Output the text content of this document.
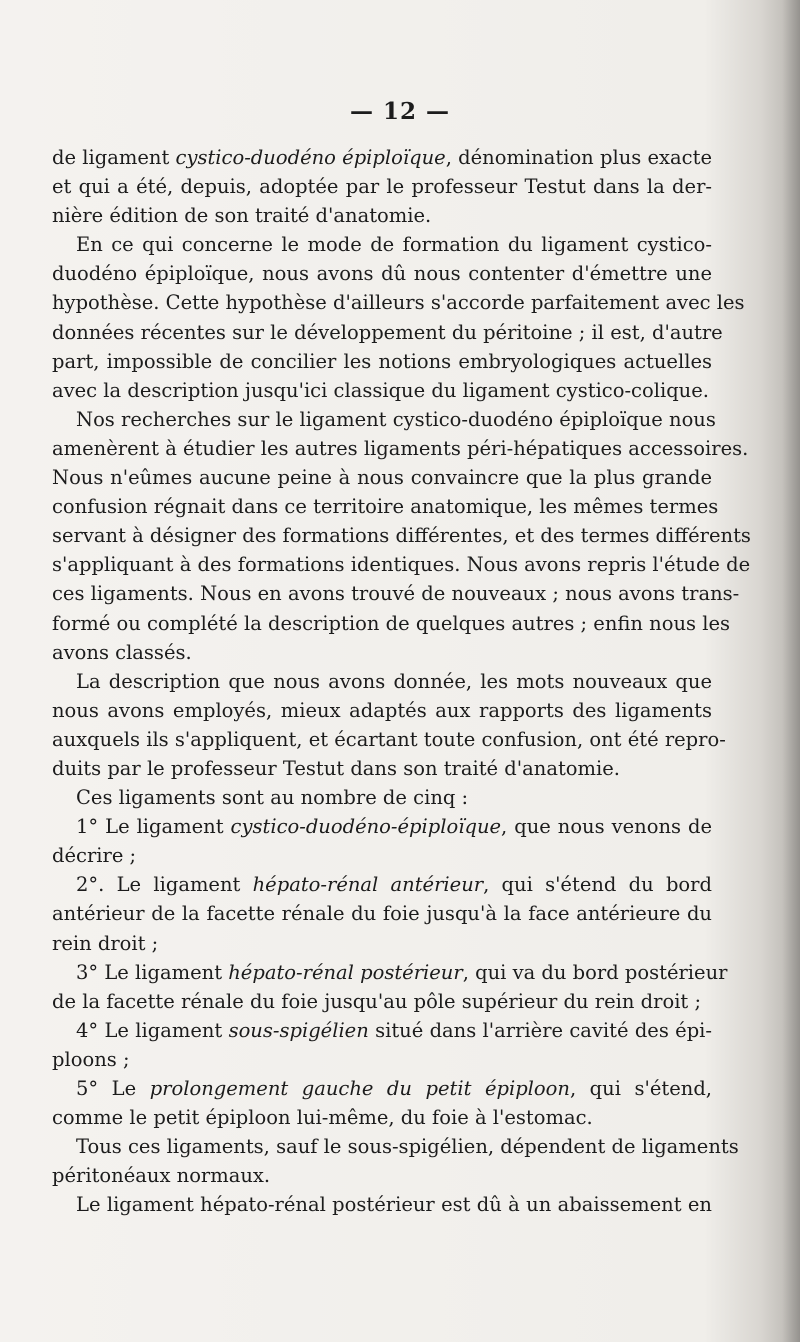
— 12 —
de ligament cystico-duodéno épiploïque, dénomination plus exacte
et qui a été, depuis, adoptée par le professeur Testut dans la der-
nière édition de son traité d'anatomie.
En ce qui concerne le mode de formation du ligament cystico-
duodéno épiploïque, nous avons dû nous contenter d'émettre une
hypothèse. Cette hypothèse d'ailleurs s'accorde parfaitement avec les
données récentes sur le développement du péritoine ; il est, d'autre
part, impossible de concilier les notions embryologiques actuelles
avec la description jusqu'ici classique du ligament cystico-colique.
Nos recherches sur le ligament cystico-duodéno épiploïque nous
amenèrent à étudier les autres ligaments péri-hépatiques accessoires.
Nous n'eûmes aucune peine à nous convaincre que la plus grande
confusion régnait dans ce territoire anatomique, les mêmes termes
servant à désigner des formations différentes, et des termes différents
s'appliquant à des formations identiques. Nous avons repris l'étude de
ces ligaments. Nous en avons trouvé de nouveaux ; nous avons trans-
formé ou complété la description de quelques autres ; enfin nous les
avons classés.
La description que nous avons donnée, les mots nouveaux que
nous avons employés, mieux adaptés aux rapports des ligaments
auxquels ils s'appliquent, et écartant toute confusion, ont été repro-
duits par le professeur Testut dans son traité d'anatomie.
Ces ligaments sont au nombre de cinq :
1° Le ligament cystico-duodéno-épiploïque, que nous venons de
décrire ;
2°. Le ligament hépato-rénal antérieur, qui s'étend du bord
antérieur de la facette rénale du foie jusqu'à la face antérieure du
rein droit ;
3° Le ligament hépato-rénal postérieur, qui va du bord postérieur
de la facette rénale du foie jusqu'au pôle supérieur du rein droit ;
4° Le ligament sous-spigélien situé dans l'arrière cavité des épi-
ploons ;
5° Le prolongement gauche du petit épiploon, qui s'étend,
comme le petit épiploon lui-même, du foie à l'estomac.
Tous ces ligaments, sauf le sous-spigélien, dépendent de ligaments
péritonéaux normaux.
Le ligament hépato-rénal postérieur est dû à un abaissement en
